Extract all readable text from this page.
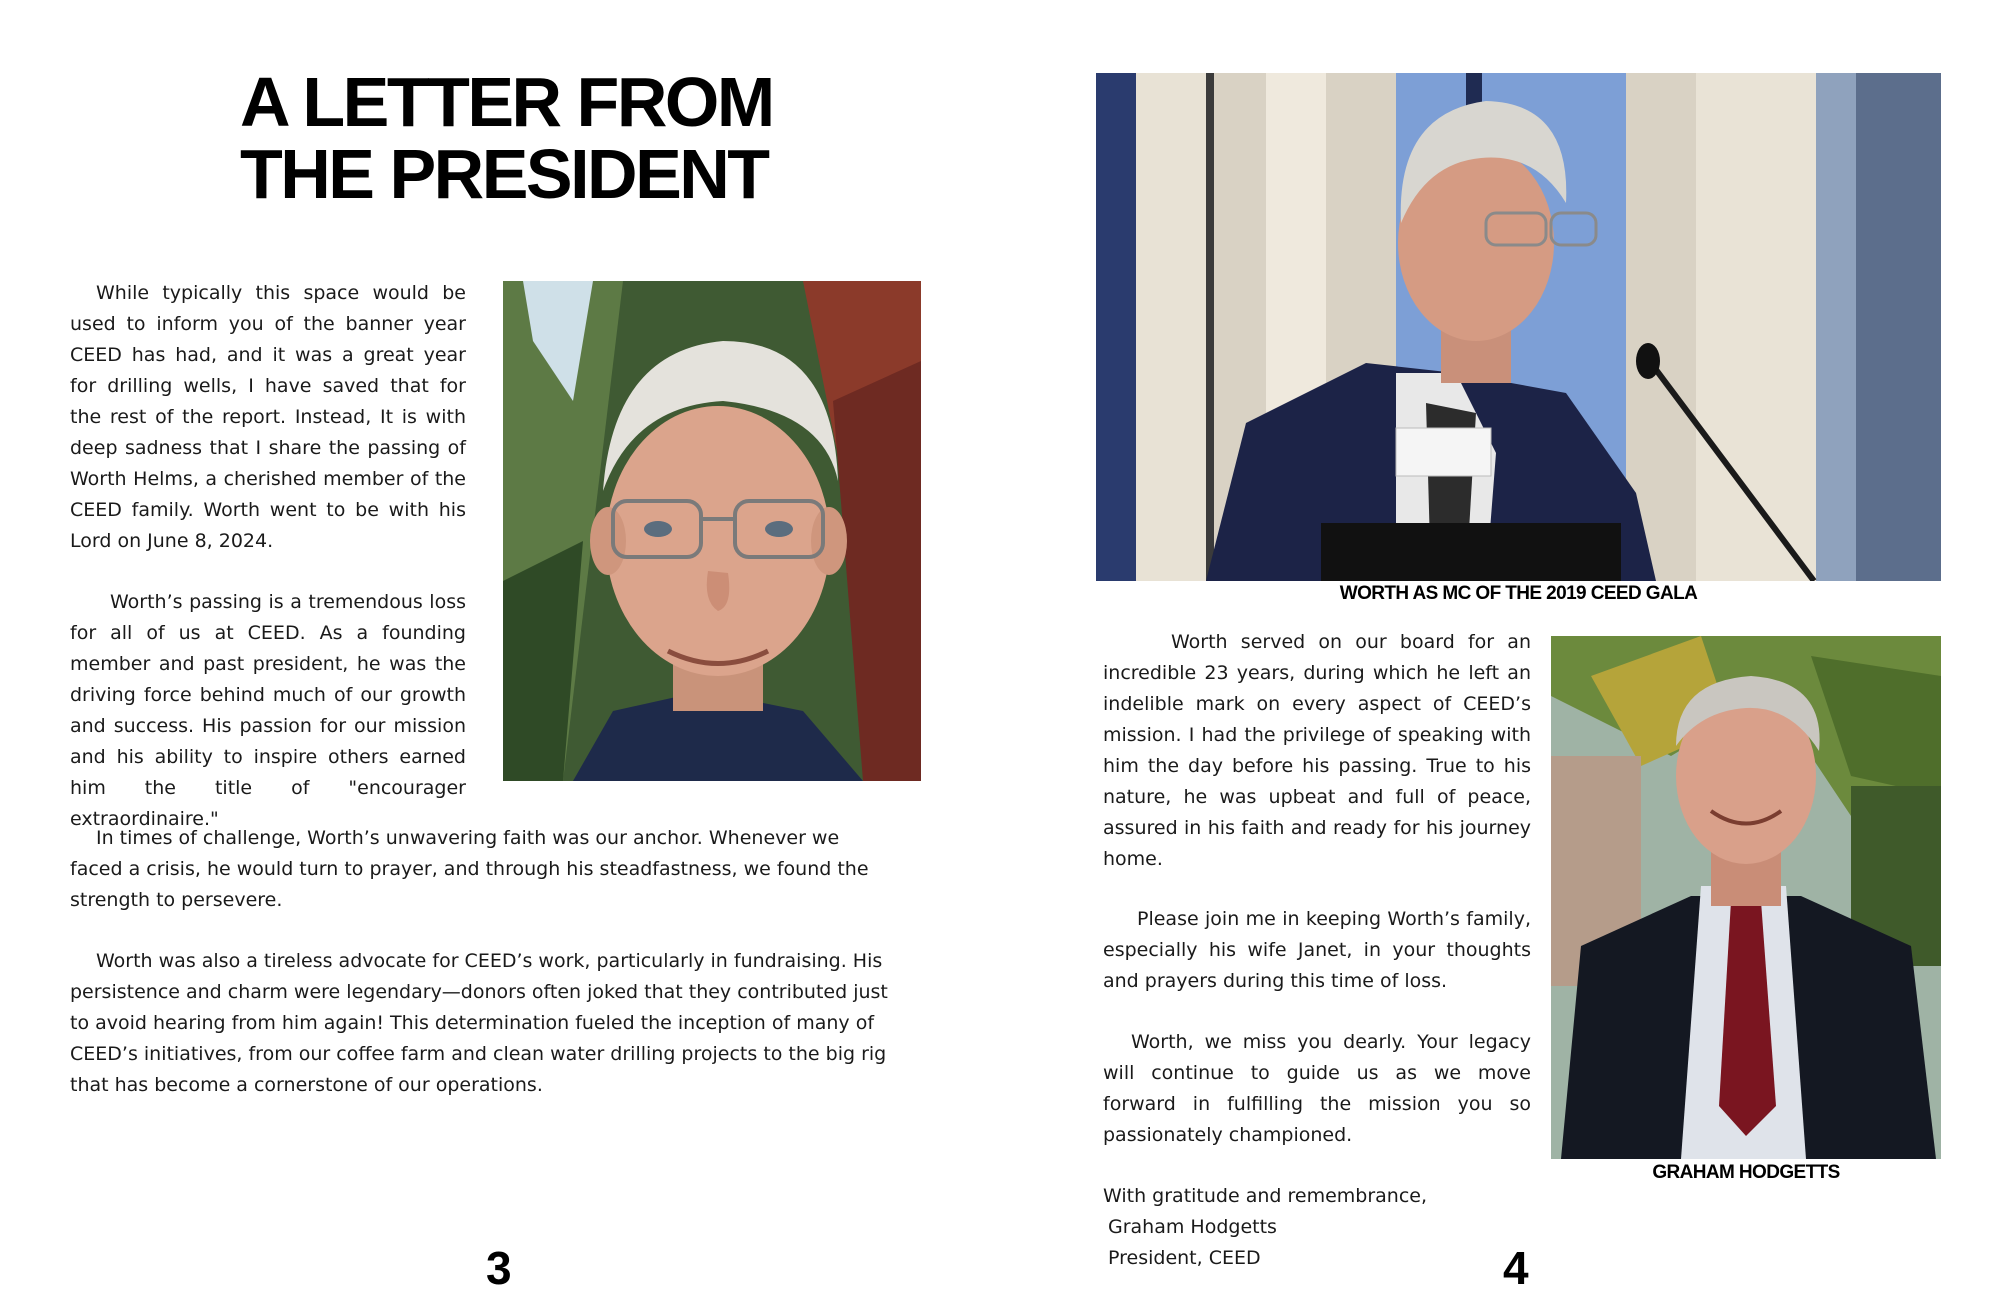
A LETTER FROM
THE PRESIDENT

While typically this space would be used to inform you of the banner year CEED has had, and it was a great year for drilling wells, I have saved that for the rest of the report. Instead, It is with deep sadness that I share the passing of Worth Helms, a cherished member of the CEED family. Worth went to be with his Lord on June 8, 2024.

Worth’s passing is a tremendous loss for all of us at CEED. As a founding member and past president, he was the driving force behind much of our growth and success. His passion for our mission and his ability to inspire others earned him the title of "encourager extraordinaire."

In times of challenge, Worth’s unwavering faith was our anchor. Whenever we faced a crisis, he would turn to prayer, and through his steadfastness, we found the strength to persevere.

Worth was also a tireless advocate for CEED’s work, particularly in fundraising. His persistence and charm were legendary—donors often joked that they contributed just to avoid hearing from him again! This determination fueled the inception of many of CEED’s initiatives, from our coffee farm and clean water drilling projects to the big rig that has become a cornerstone of our operations.

3
WORTH AS MC OF THE 2019 CEED GALA

Worth served on our board for an incredible 23 years, during which he left an indelible mark on every aspect of CEED’s mission. I had the privilege of speaking with him the day before his passing. True to his nature, he was upbeat and full of peace, assured in his faith and ready for his journey home.

Please join me in keeping Worth’s family, especially his wife Janet, in your thoughts and prayers during this time of loss.

Worth, we miss you dearly. Your legacy will continue to guide us as we move forward in fulfilling the mission you so passionately championed.

With gratitude and remembrance,
Graham Hodgetts
President, CEED
GRAHAM HODGETTS
4
